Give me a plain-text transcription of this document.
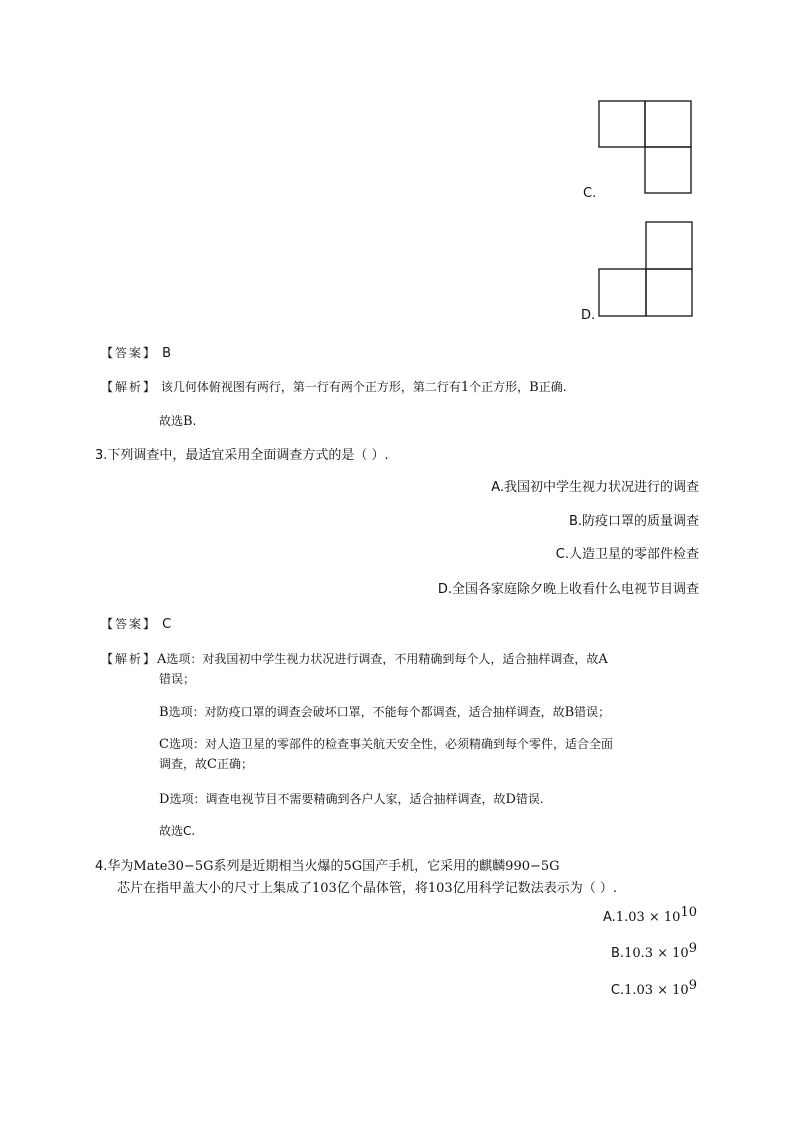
C.
D.
【答案】 B
【解析】 该几何体俯视图有两行，第一行有两个正方形，第二行有1个正方形，B正确.
故选B.
3.下列调查中，最适宜采用全面调查方式的是（ ）.
A.我国初中学生视力状况进行的调查
B.防疫口罩的质量调查
C.人造卫星的零部件检查
D.全国各家庭除夕晚上收看什么电视节目调查
【答案】 C
【解析】A选项：对我国初中学生视力状况进行调查，不用精确到每个人，适合抽样调查，故A
错误；
B选项：对防疫口罩的调查会破坏口罩，不能每个都调查，适合抽样调查，故B错误；
C选项：对人造卫星的零部件的检查事关航天安全性，必须精确到每个零件，适合全面
调查，故C正确；
D选项：调查电视节目不需要精确到各户人家，适合抽样调查，故D错误.
故选C.
4.华为Mate30−5G系列是近期相当火爆的5G国产手机，它采用的麒麟990−5G
芯片在指甲盖大小的尺寸上集成了103亿个晶体管，将103亿用科学记数法表示为（ ）.
$A.1.03 \times 10^{10}$
$B.10.3 \times 10^9$
$C.1.03 \times 10^9$
